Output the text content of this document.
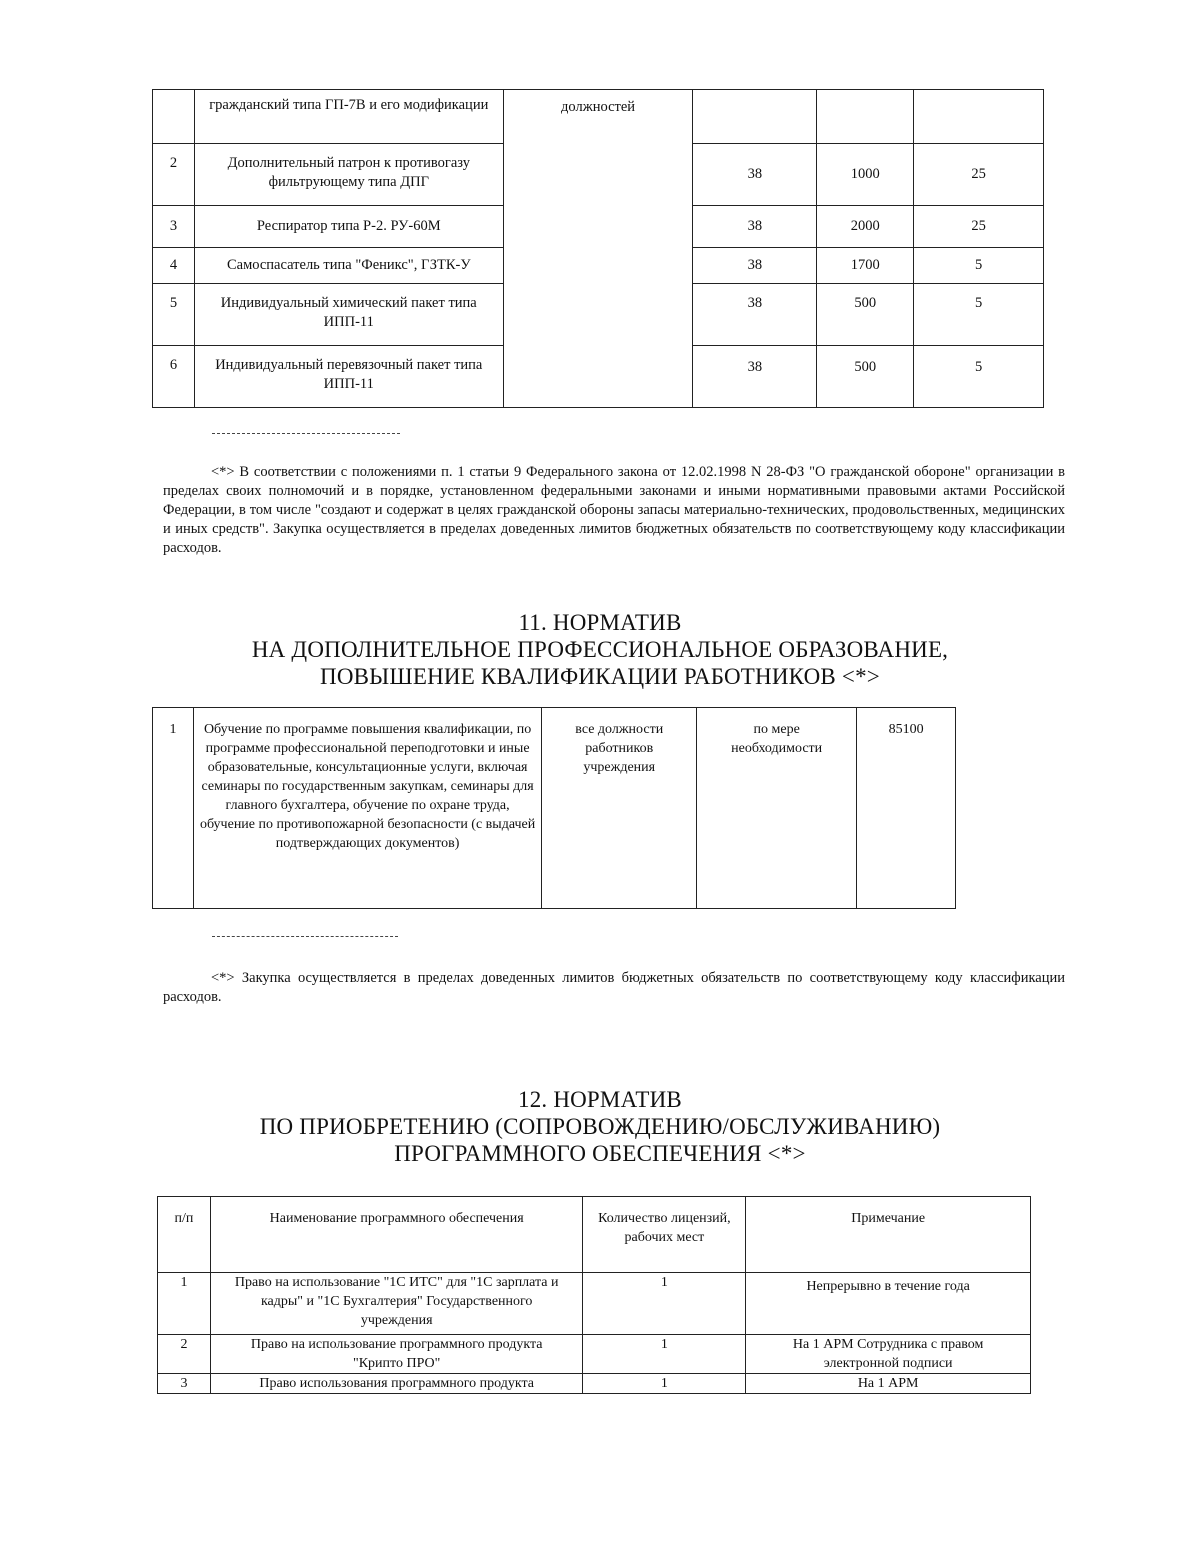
	гражданский типа ГП-7В и его модификации	должностей			
2	Дополнительный патрон к противогазу фильтрующему типа ДПГ		38	1000	25
3	Респиратор типа Р-2. РУ-60М		38	2000	25
4	Самоспасатель типа "Феникс", ГЗТК-У		38	1700	5
5	Индивидуальный химический пакет типа ИПП-11		38	500	5
6	Индивидуальный перевязочный пакет типа ИПП-11		38	500	5
<*> В соответствии с положениями п. 1 статьи 9 Федерального закона от 12.02.1998 N 28-ФЗ "О гражданской обороне" организации в пределах своих полномочий и в порядке, установленном федеральными законами и иными нормативными правовыми актами Российской Федерации, в том числе "создают и содержат в целях гражданской обороны запасы материально-технических, продовольственных, медицинских и иных средств". Закупка осуществляется в пределах доведенных лимитов бюджетных обязательств по соответствующему коду классификации расходов.
11. НОРМАТИВ
НА ДОПОЛНИТЕЛЬНОЕ ПРОФЕССИОНАЛЬНОЕ ОБРАЗОВАНИЕ,
ПОВЫШЕНИЕ КВАЛИФИКАЦИИ РАБОТНИКОВ <*>
1	Обучение по программе повышения квалификации, по программе профессиональной переподготовки и иные образовательные, консультационные услуги, включая семинары по государственным закупкам, семинары для главного бухгалтера, обучение по охране труда, обучение по противопожарной безопасности (с выдачей подтверждающих документов)	все должности работников учреждения	по мере необходимости	85100
<*> Закупка осуществляется в пределах доведенных лимитов бюджетных обязательств по соответствующему коду классификации расходов.
12. НОРМАТИВ
ПО ПРИОБРЕТЕНИЮ (СОПРОВОЖДЕНИЮ/ОБСЛУЖИВАНИЮ)
ПРОГРАММНОГО ОБЕСПЕЧЕНИЯ <*>
п/п	Наименование программного обеспечения	Количество лицензий, рабочих мест	Примечание
1	Право на использование "1С ИТС" для "1С зарплата и кадры" и "1С Бухгалтерия" Государственного учреждения	1	Непрерывно в течение года
2	Право на использование программного продукта "Крипто ПРО"	1	На 1 АРМ Сотрудника с правом электронной подписи
3	Право использования программного продукта	1	На 1 АРМ
